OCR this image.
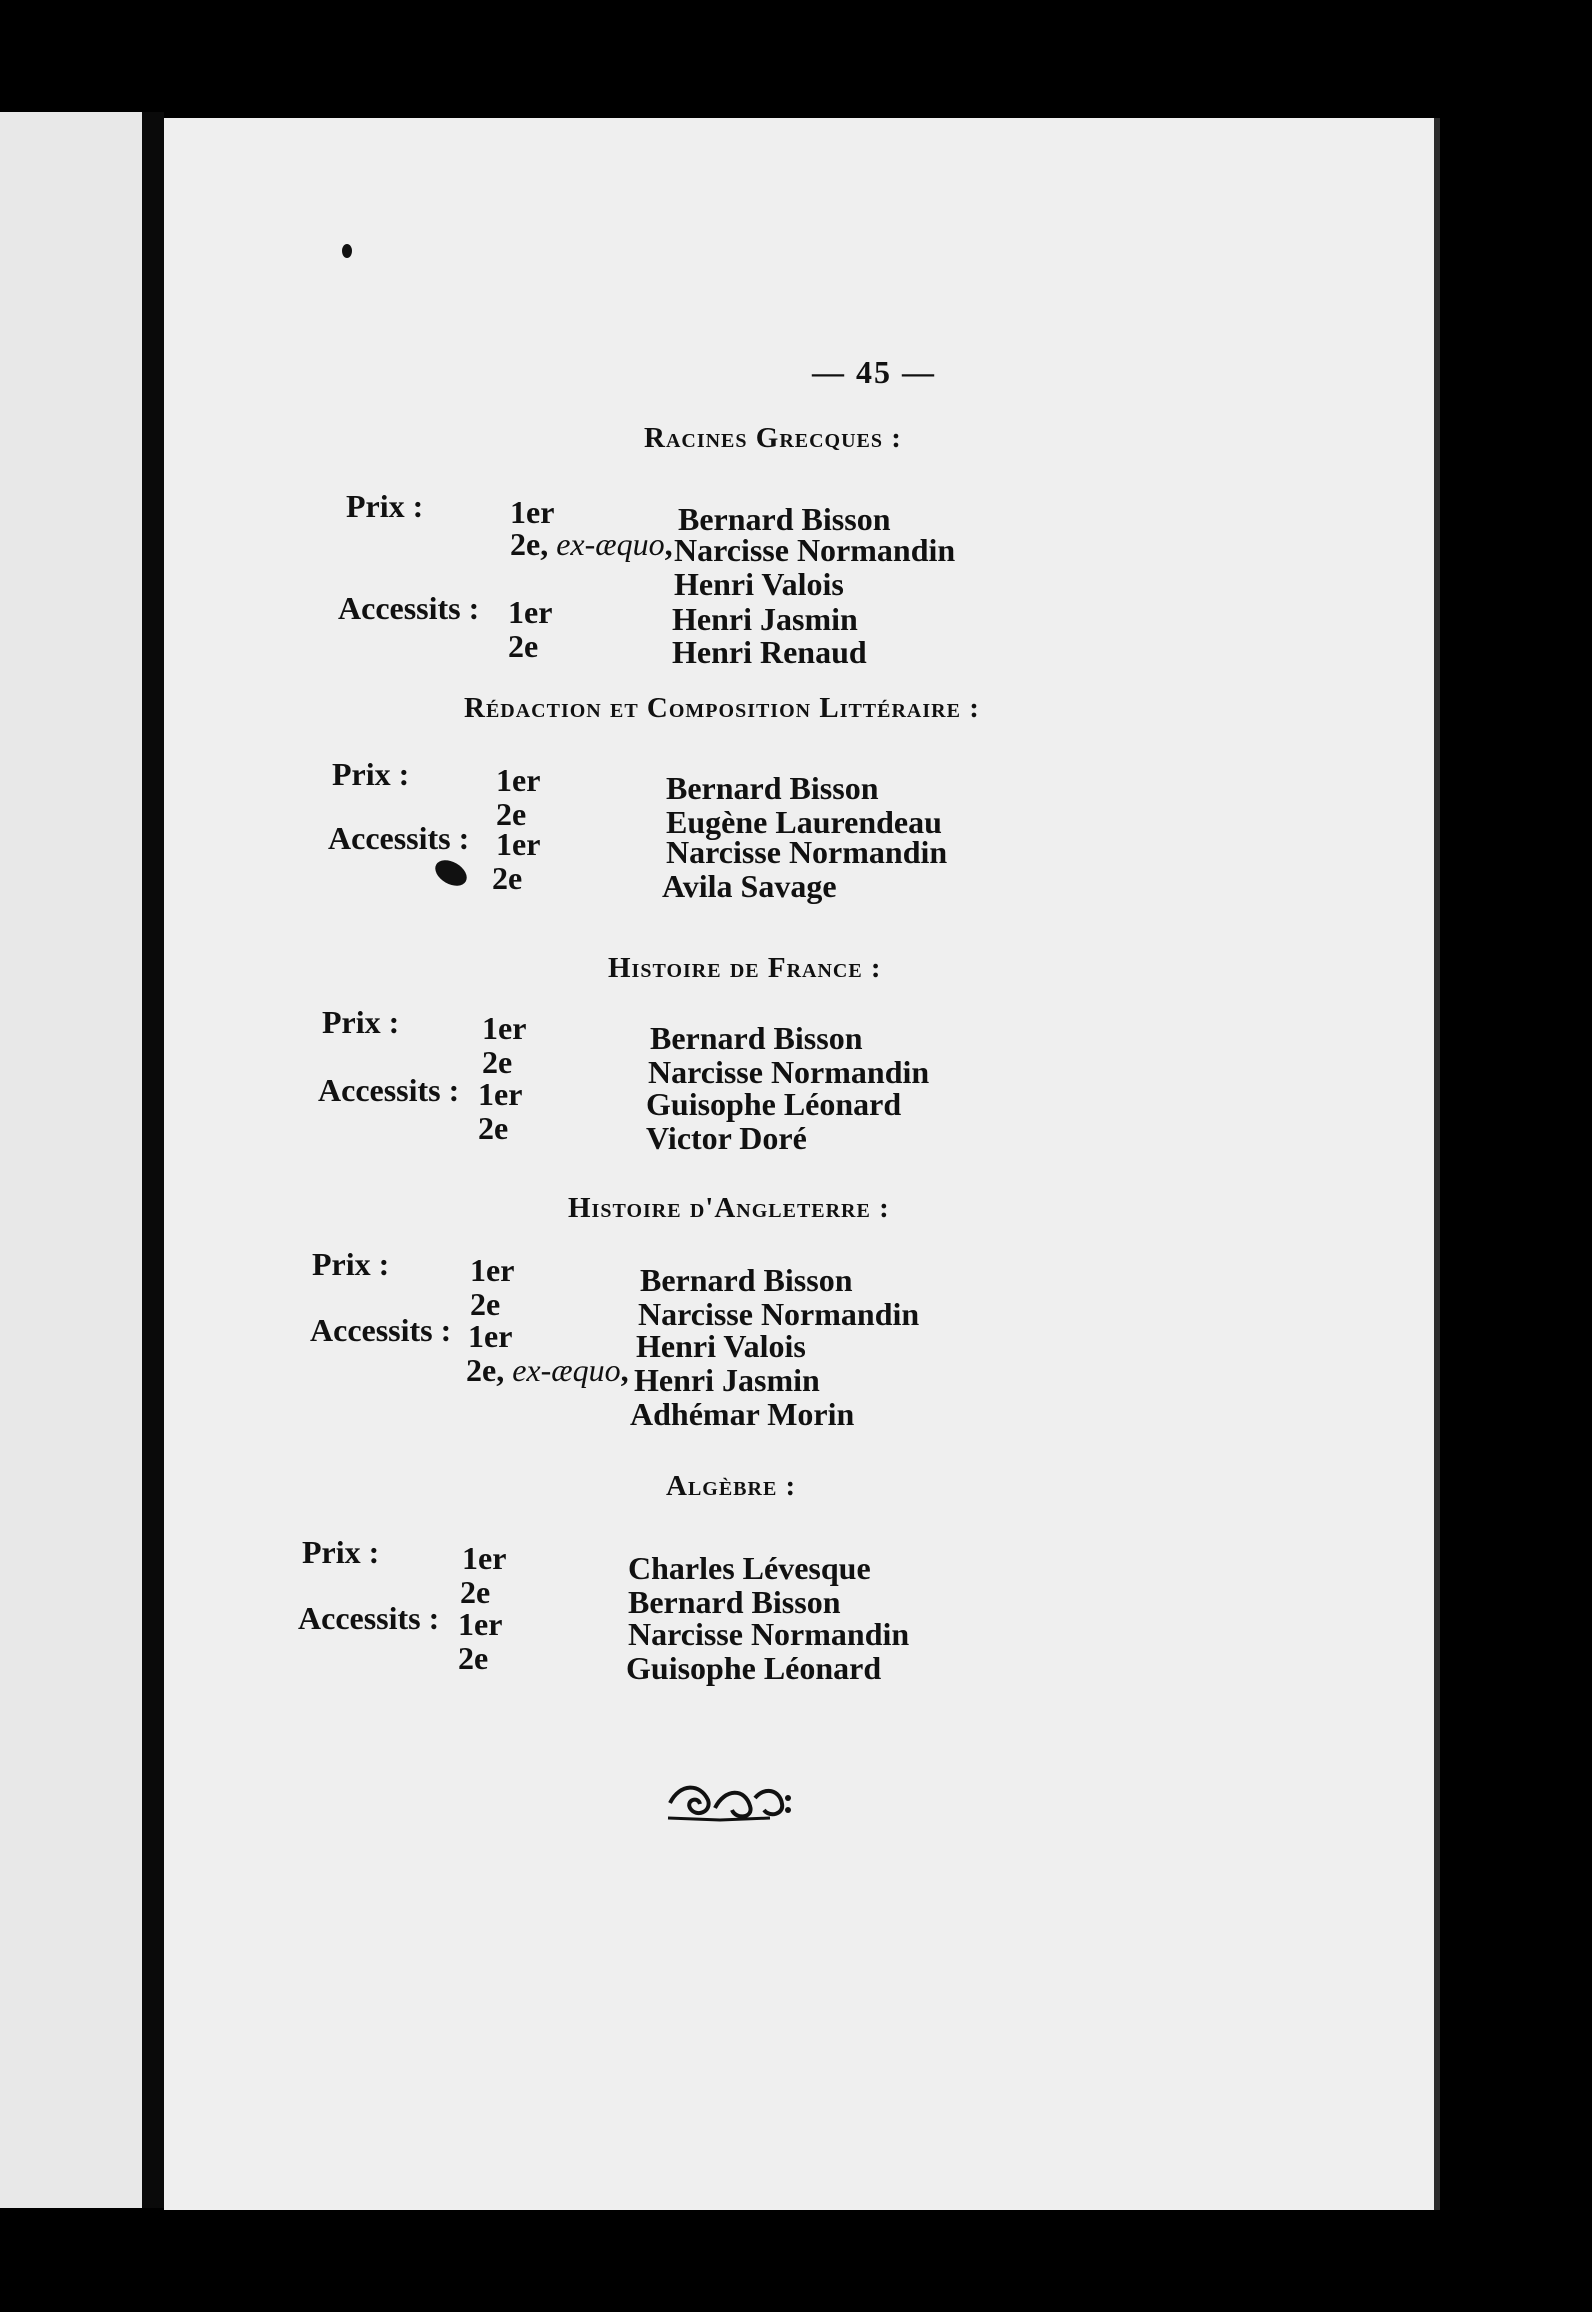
— 45 —
Racines Grecques :
Prix :	1er	Bernard Bisson
2e, ex-æquo, Narcisse Normandin
Henri Valois
Accessits : 1er	Henri Jasmin
2e	Henri Renaud
Rédaction et Composition Littéraire :
Prix :	1er	Bernard Bisson
2e	Eugène Laurendeau
Accessits : 1er	Narcisse Normandin
2e	Avila Savage
Histoire de France :
Prix :	1er	Bernard Bisson
2e	Narcisse Normandin
Accessits : 1er	Guisophe Léonard
2e	Victor Doré
Histoire d'Angleterre :
Prix :	1er	Bernard Bisson
2e	Narcisse Normandin
Accessits : 1er	Henri Valois
2e, ex-æquo, Henri Jasmin
Adhémar Morin
Algèbre :
Prix :	1er	Charles Lévesque
2e	Bernard Bisson
Accessits : 1er	Narcisse Normandin
2e	Guisophe Léonard
